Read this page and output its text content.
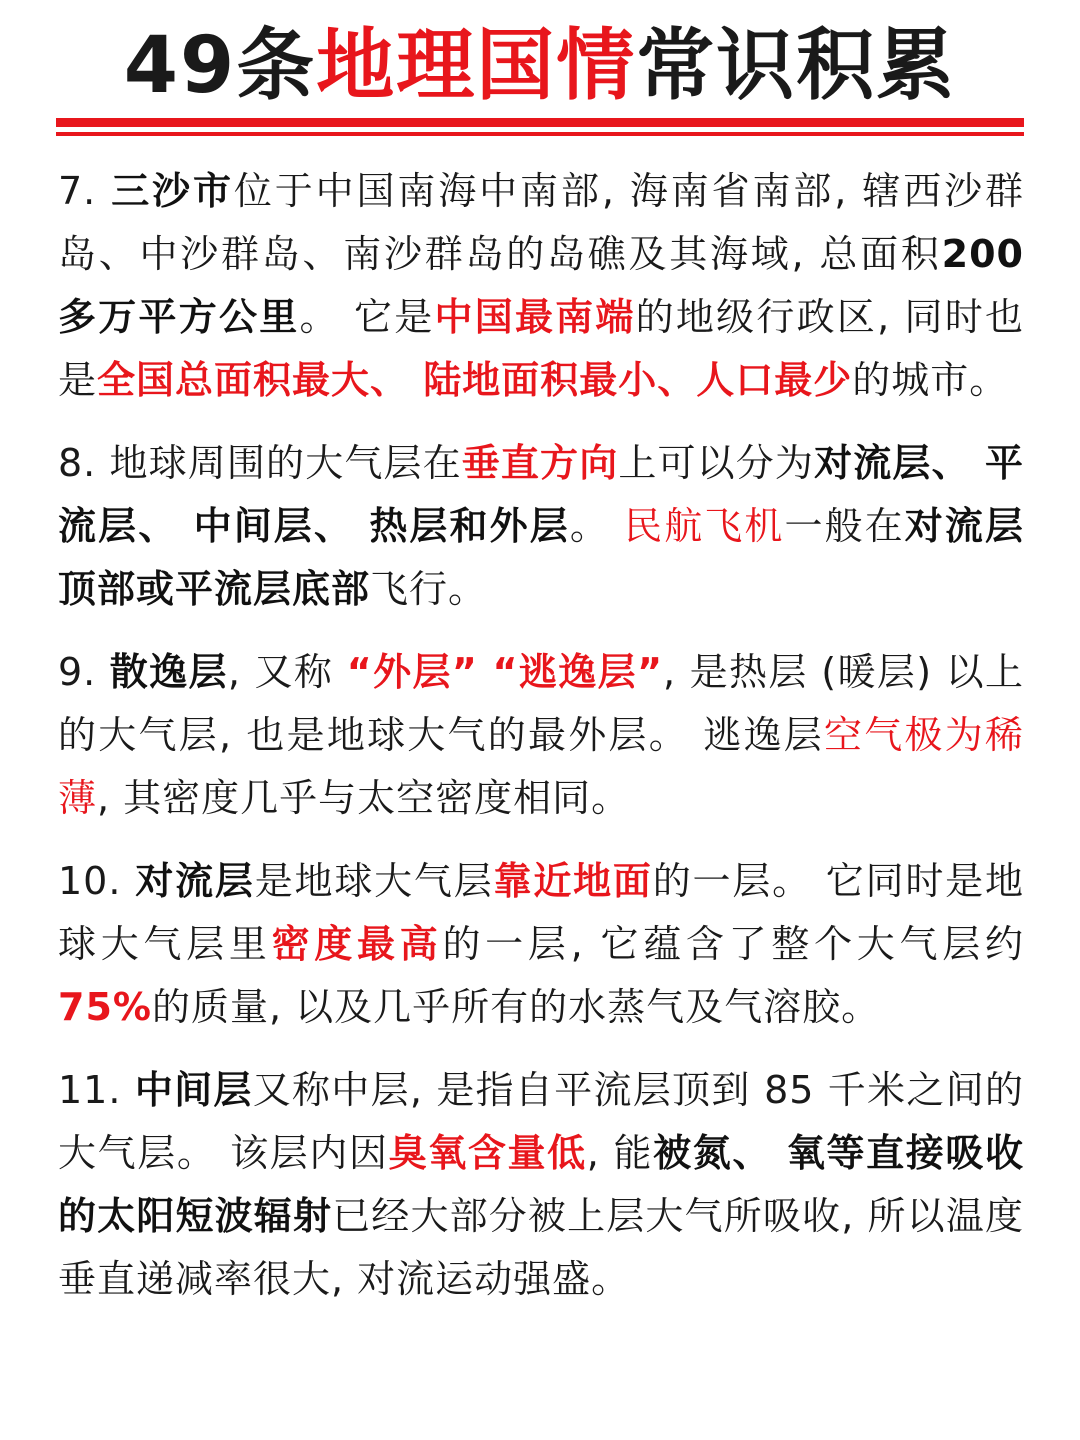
49条地理国情常识积累

7. 三沙市位于中国南海中南部, 海南省南部, 辖西沙群岛、中沙群岛、南沙群岛的岛礁及其海域, 总面积200 多万平方公里。 它是中国最南端的地级行政区, 同时也是全国总面积最大、 陆地面积最小、人口最少的城市。

8. 地球周围的大气层在垂直方向上可以分为对流层、 平流层、 中间层、 热层和外层。 民航飞机一般在对流层顶部或平流层底部飞行。

9. 散逸层, 又称 “外层” “逃逸层”, 是热层 (暖层) 以上的大气层, 也是地球大气的最外层。 逃逸层空气极为稀薄, 其密度几乎与太空密度相同。

10. 对流层是地球大气层靠近地面的一层。 它同时是地球大气层里密度最高的一层, 它蕴含了整个大气层约 75%的质量, 以及几乎所有的水蒸气及气溶胶。

11. 中间层又称中层, 是指自平流层顶到 85 千米之间的大气层。 该层内因臭氧含量低, 能被氮、 氧等直接吸收的太阳短波辐射已经大部分被上层大气所吸收, 所以温度垂直递减率很大, 对流运动强盛。
